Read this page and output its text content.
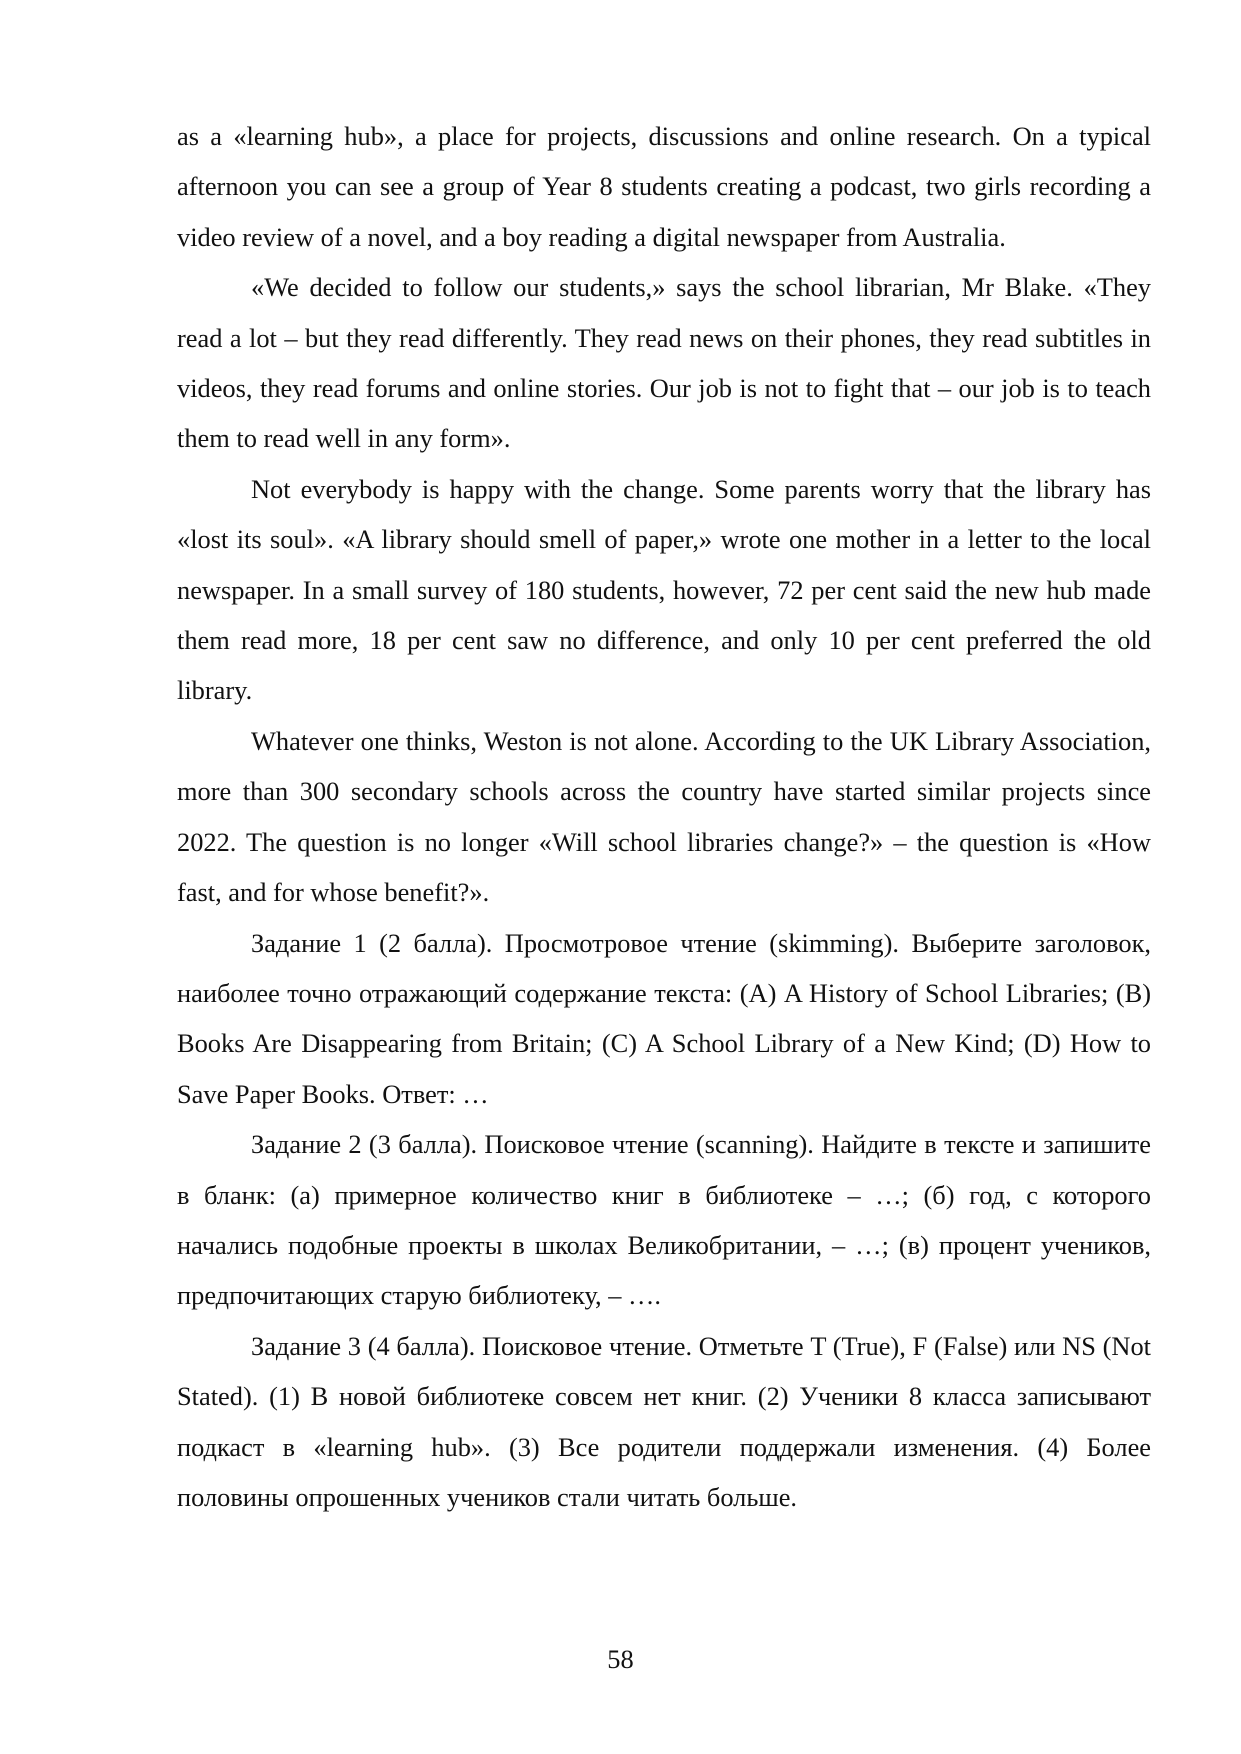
as a «learning hub», a place for projects, discussions and online research. On a typical afternoon you can see a group of Year 8 students creating a podcast, two girls recording a video review of a novel, and a boy reading a digital newspaper from Australia.

«We decided to follow our students,» says the school librarian, Mr Blake. «They read a lot – but they read differently. They read news on their phones, they read subtitles in videos, they read forums and online stories. Our job is not to fight that – our job is to teach them to read well in any form».

Not everybody is happy with the change. Some parents worry that the library has «lost its soul». «A library should smell of paper,» wrote one mother in a letter to the local newspaper. In a small survey of 180 students, however, 72 per cent said the new hub made them read more, 18 per cent saw no difference, and only 10 per cent preferred the old library.

Whatever one thinks, Weston is not alone. According to the UK Library Association, more than 300 secondary schools across the country have started similar projects since 2022. The question is no longer «Will school libraries change?» – the question is «How fast, and for whose benefit?».

Задание 1 (2 балла). Просмотровое чтение (skimming). Выберите заголовок, наиболее точно отражающий содержание текста: (A) A History of School Libraries; (B) Books Are Disappearing from Britain; (C) A School Library of a New Kind; (D) How to Save Paper Books. Ответ: …

Задание 2 (3 балла). Поисковое чтение (scanning). Найдите в тексте и запишите в бланк: (а) примерное количество книг в библиотеке – …; (б) год, с которого начались подобные проекты в школах Великобритании, – …; (в) процент учеников, предпочитающих старую библиотеку, – ….

Задание 3 (4 балла). Поисковое чтение. Отметьте T (True), F (False) или NS (Not Stated). (1) В новой библиотеке совсем нет книг. (2) Ученики 8 класса записывают подкаст в «learning hub». (3) Все родители поддержали изменения. (4) Более половины опрошенных учеников стали читать больше.

58
